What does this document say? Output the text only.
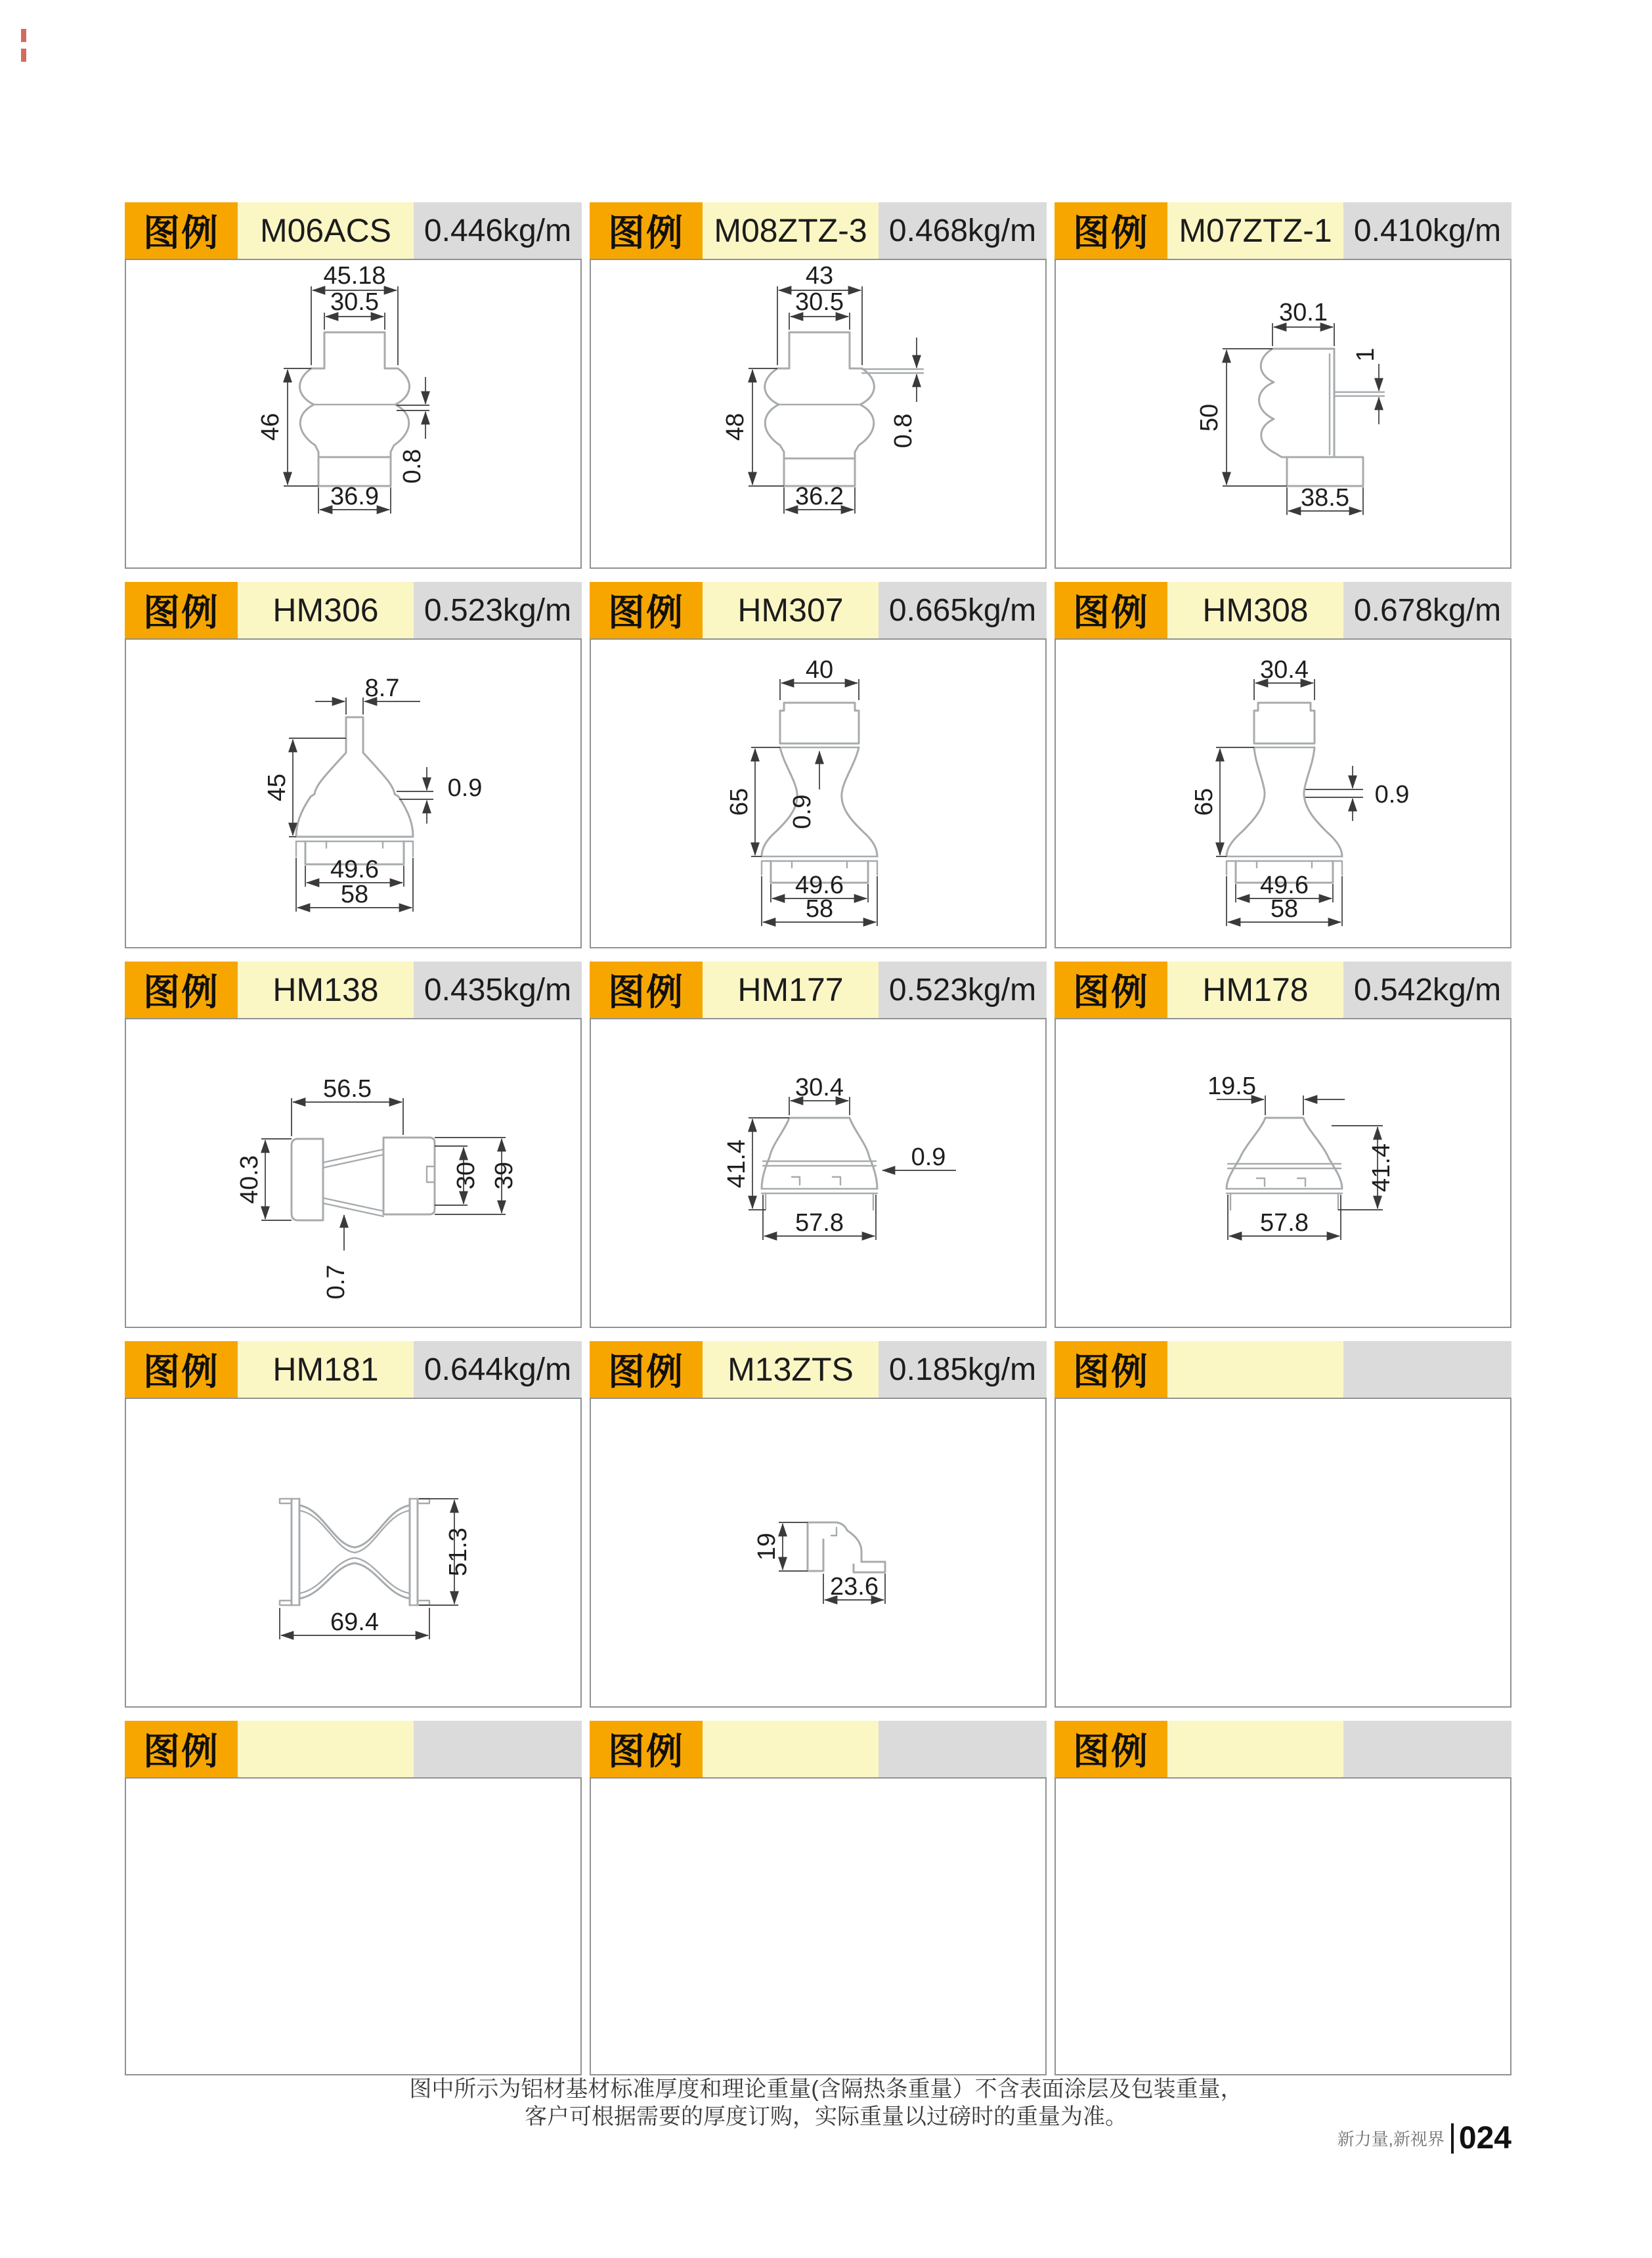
图例	M06ACS	0.446kg/m
45.18
30.5
46
0.8
36.9
图例 M08ZTZ-3 0.468kg/m
43
30.5
48	0.8
36.2
图例 M07ZTZ-1 0.410kg/m
30.1
50
1
38.5
图例	HM306	0.523kg/m
8.7
45	0.9
49.6
58
图例	HM307	0.665kg/m
40
65 0.9
49.6
58
图例	HM308	0.678kg/m
30.4
65	0.9
49.6
58
图例	HM138	0.435kg/m
56.5
40.3	30 39
0.7
图例	HM177	0.523kg/m
30.4
41.4	0.9
57.8
图例	HM178	0.542kg/m
19.5
41.4
57.8
图例	HM181	0.644kg/m
51.3
69.4
图例	M13ZTS	0.185kg/m
19
23.6
图例
图例	图例	图例
图中所示为铝材基材标准厚度和理论重量(含隔热条重量）不含表面涂层及包装重量，
客户可根据需要的厚度订购，实际重量以过磅时的重量为准。
新力量,新视界 024
